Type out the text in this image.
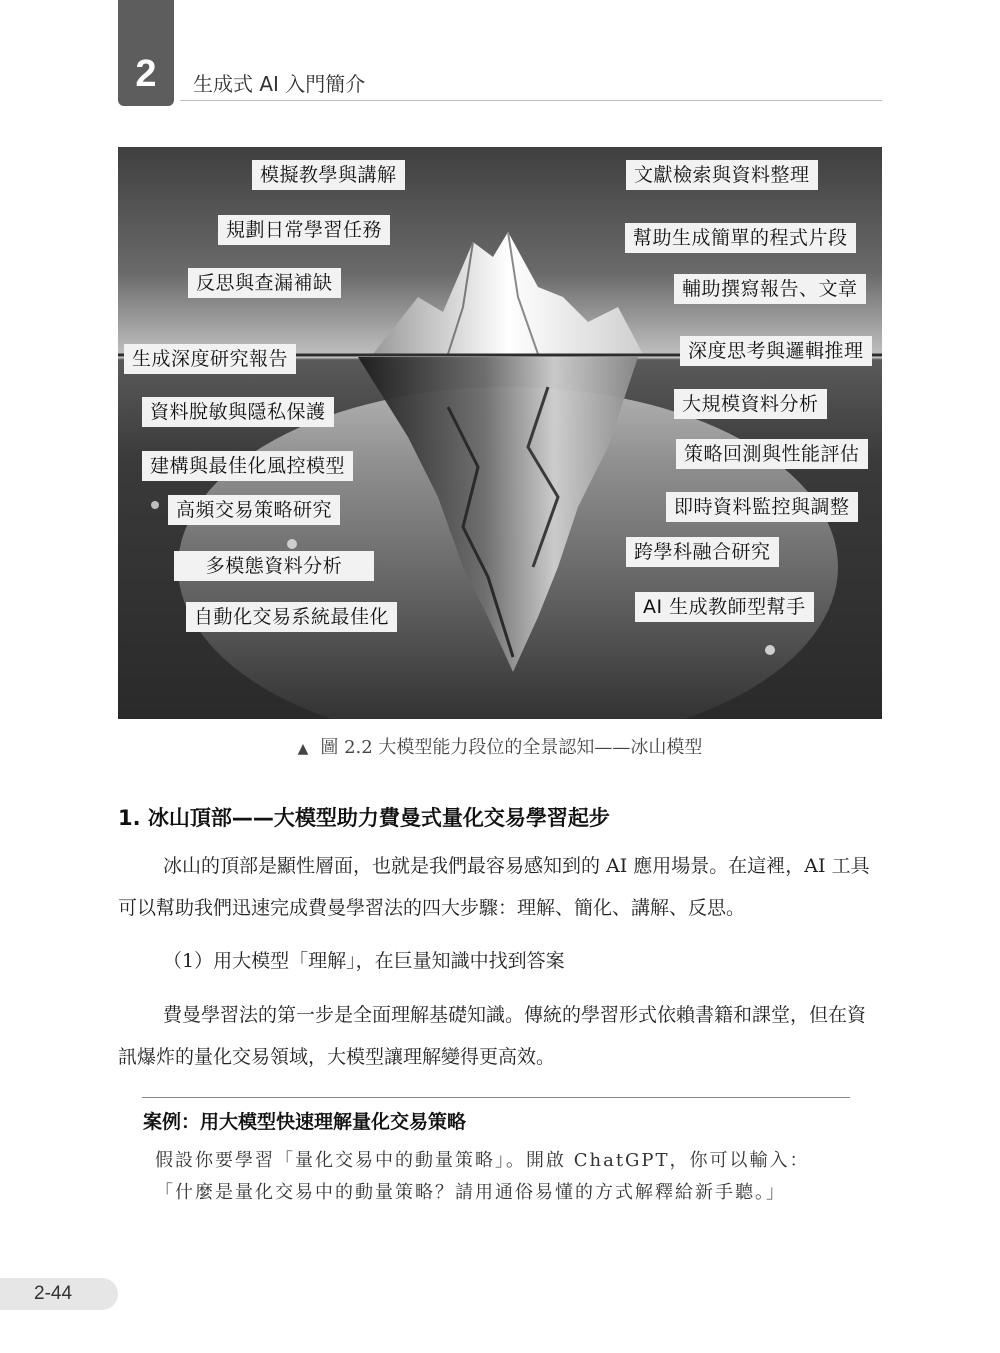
2 生成式 AI 入門簡介
模擬教學與講解
規劃日常學習任務
反思與查漏補缺
生成深度研究報告
資料脫敏與隱私保護
建構與最佳化風控模型
高頻交易策略研究
多模態資料分析
自動化交易系統最佳化
文獻檢索與資料整理
幫助生成簡單的程式片段
輔助撰寫報告、文章
深度思考與邏輯推理
大規模資料分析
策略回測與性能評估
即時資料監控與調整
跨學科融合研究
AI 生成教師型幫手
▲ 圖 2.2 大模型能力段位的全景認知——冰山模型
1. 冰山頂部——大模型助力費曼式量化交易學習起步

冰山的頂部是顯性層面，也就是我們最容易感知到的 AI 應用場景。在這裡，AI 工具可以幫助我們迅速完成費曼學習法的四大步驟：理解、簡化、講解、反思。

（1）用大模型「理解」，在巨量知識中找到答案

費曼學習法的第一步是全面理解基礎知識。傳統的學習形式依賴書籍和課堂，但在資訊爆炸的量化交易領域，大模型讓理解變得更高效。

案例：用大模型快速理解量化交易策略

假設你要學習「量化交易中的動量策略」。開啟 ChatGPT，你可以輸入：

「什麼是量化交易中的動量策略？請用通俗易懂的方式解釋給新手聽。」

2-44
